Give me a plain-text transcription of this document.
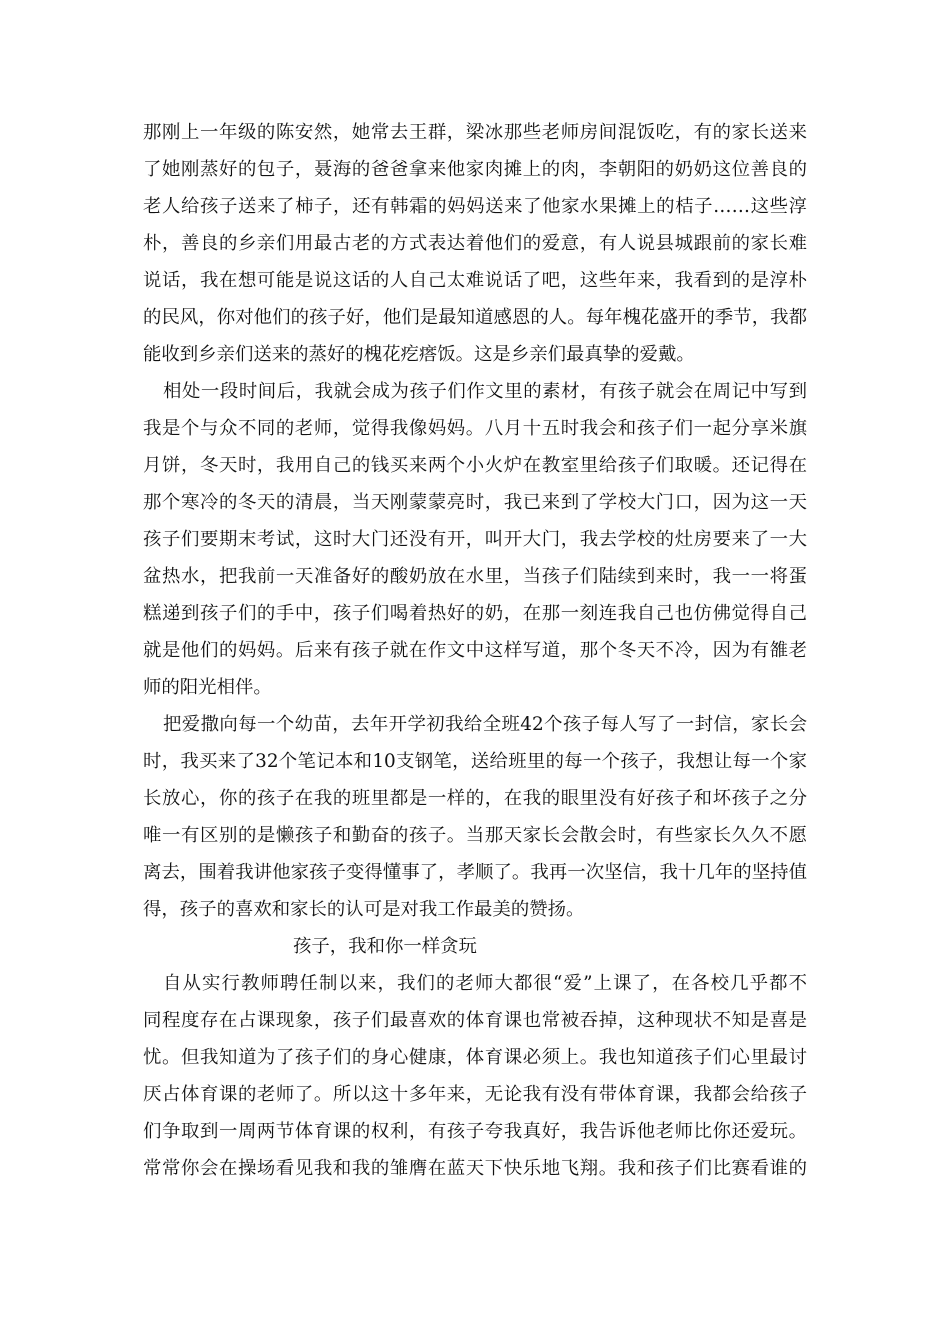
那刚上一年级的陈安然，她常去王群，梁冰那些老师房间混饭吃，有的家长送来
了她刚蒸好的包子，聂海的爸爸拿来他家肉摊上的肉，李朝阳的奶奶这位善良的
老人给孩子送来了柿子，还有韩霜的妈妈送来了他家水果摊上的桔子……这些淳
朴，善良的乡亲们用最古老的方式表达着他们的爱意，有人说县城跟前的家长难
说话，我在想可能是说这话的人自己太难说话了吧，这些年来，我看到的是淳朴
的民风，你对他们的孩子好，他们是最知道感恩的人。每年槐花盛开的季节，我都
能收到乡亲们送来的蒸好的槐花疙瘩饭。这是乡亲们最真挚的爱戴。
相处一段时间后，我就会成为孩子们作文里的素材，有孩子就会在周记中写到
我是个与众不同的老师，觉得我像妈妈。八月十五时我会和孩子们一起分享米旗
月饼，冬天时，我用自己的钱买来两个小火炉在教室里给孩子们取暖。还记得在
那个寒冷的冬天的清晨，当天刚蒙蒙亮时，我已来到了学校大门口，因为这一天
孩子们要期末考试，这时大门还没有开，叫开大门，我去学校的灶房要来了一大
盆热水，把我前一天准备好的酸奶放在水里，当孩子们陆续到来时，我一一将蛋
糕递到孩子们的手中，孩子们喝着热好的奶，在那一刻连我自己也仿佛觉得自己
就是他们的妈妈。后来有孩子就在作文中这样写道，那个冬天不冷，因为有雒老
师的阳光相伴。
把爱撒向每一个幼苗，去年开学初我给全班42个孩子每人写了一封信，家长会
时，我买来了32个笔记本和10支钢笔，送给班里的每一个孩子，我想让每一个家
长放心，你的孩子在我的班里都是一样的，在我的眼里没有好孩子和坏孩子之分
唯一有区别的是懒孩子和勤奋的孩子。当那天家长会散会时，有些家长久久不愿
离去，围着我讲他家孩子变得懂事了，孝顺了。我再一次坚信，我十几年的坚持值
得，孩子的喜欢和家长的认可是对我工作最美的赞扬。
孩子，我和你一样贪玩
自从实行教师聘任制以来，我们的老师大都很“爱”上课了，在各校几乎都不
同程度存在占课现象，孩子们最喜欢的体育课也常被吞掉，这种现状不知是喜是
忧。但我知道为了孩子们的身心健康，体育课必须上。我也知道孩子们心里最讨
厌占体育课的老师了。所以这十多年来，无论我有没有带体育课，我都会给孩子
们争取到一周两节体育课的权利，有孩子夸我真好，我告诉他老师比你还爱玩。
常常你会在操场看见我和我的雏膺在蓝天下快乐地飞翔。我和孩子们比赛看谁的
